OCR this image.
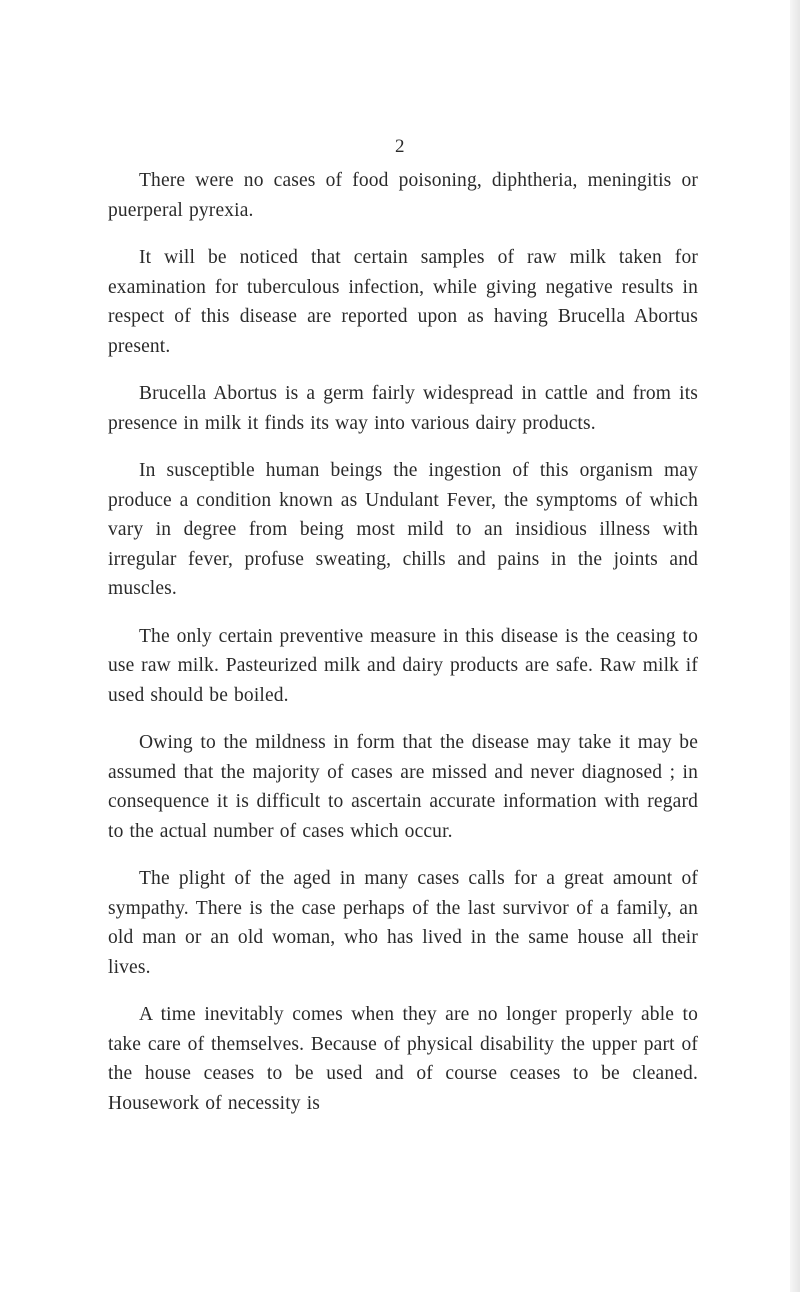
2

There were no cases of food poisoning, diphtheria, meningitis or puerperal pyrexia.

It will be noticed that certain samples of raw milk taken for examination for tuberculous infection, while giving negative results in respect of this disease are reported upon as having Brucella Abortus present.

Brucella Abortus is a germ fairly widespread in cattle and from its presence in milk it finds its way into various dairy products.

In susceptible human beings the ingestion of this organism may produce a condition known as Undulant Fever, the symptoms of which vary in degree from being most mild to an insidious illness with irregular fever, profuse sweating, chills and pains in the joints and muscles.

The only certain preventive measure in this disease is the ceasing to use raw milk. Pasteurized milk and dairy products are safe. Raw milk if used should be boiled.

Owing to the mildness in form that the disease may take it may be assumed that the majority of cases are missed and never diagnosed ; in consequence it is difficult to ascertain accurate information with regard to the actual number of cases which occur.

The plight of the aged in many cases calls for a great amount of sympathy. There is the case perhaps of the last survivor of a family, an old man or an old woman, who has lived in the same house all their lives.

A time inevitably comes when they are no longer properly able to take care of themselves. Because of physical disability the upper part of the house ceases to be used and of course ceases to be cleaned. Housework of necessity is
